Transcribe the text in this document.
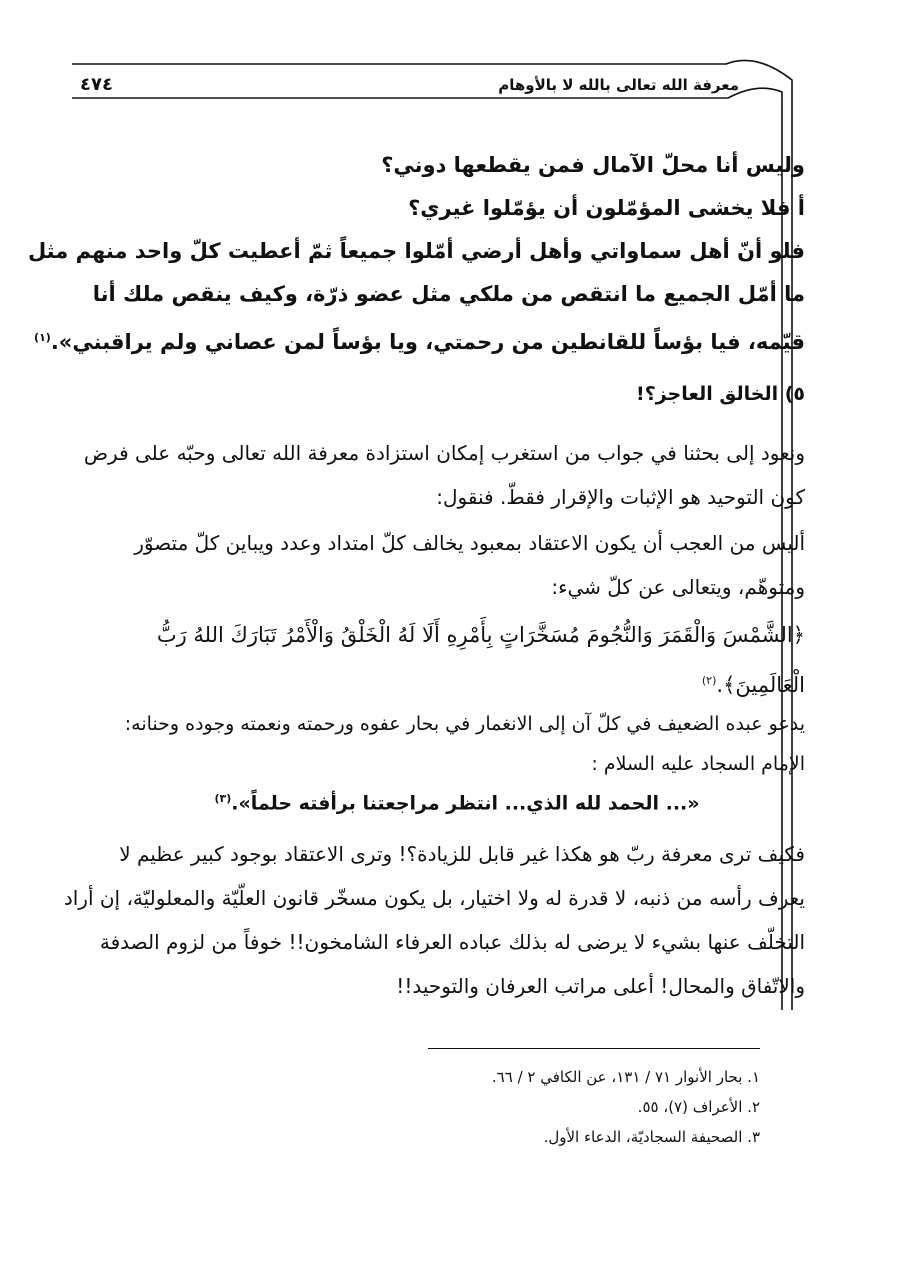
معرفة الله تعالى بالله لا بالأوهام
٤٧٤
وليس أنا محلّ الآمال فمن يقطعها دوني؟
أ فلا يخشى المؤمّلون أن يؤمّلوا غيري؟
فلو أنّ أهل سماواتي وأهل أرضي أمّلوا جميعاً ثمّ أعطيت كلّ واحد منهم مثل
ما أمّل الجميع ما انتقص من ملكي مثل عضو ذرّة، وكيف ينقص ملك أنا
قيّمه، فيا بؤساً للقانطين من رحمتي، ويا بؤساً لمن عصاني ولم يراقبني».$^{(١)}$
٥) الخالق العاجز؟!
ونعود إلى بحثنا في جواب من استغرب إمكان استزادة معرفة الله تعالى وحبّه على فرض
كون التوحيد هو الإثبات والإقرار فقطّ. فنقول:
أليس من العجب أن يكون الاعتقاد بمعبود يخالف كلّ امتداد وعدد ويباين كلّ متصوّر
ومتوهّم، ويتعالى عن كلّ شيء:
﴿الشَّمْسَ وَالْقَمَرَ وَالنُّجُومَ مُسَخَّرَاتٍ بِأَمْرِهِ أَلَا لَهُ الْخَلْقُ وَالْأَمْرُ تَبَارَكَ اللهُ رَبُّ
الْعَالَمِينَ﴾.$^{(٢)}$
يدعو عبده الضعيف في كلّ آن إلى الانغمار في بحار عفوه ورحمته ونعمته وجوده وحنانه:
الإمام السجاد عليه السلام :
«... الحمد لله الذي... انتظر مراجعتنا برأفته حلماً».$^{(٣)}$
فكيف ترى معرفة ربّ هو هكذا غير قابل للزيادة؟! وترى الاعتقاد بوجود كبير عظيم لا
يعرف رأسه من ذنبه، لا قدرة له ولا اختيار، بل يكون مسخّر قانون العلّيّة والمعلوليّة، إن أراد
التخلّف عنها بشيء لا يرضى له بذلك عباده العرفاء الشامخون!! خوفاً من لزوم الصدفة
والاتّفاق والمحال! أعلى مراتب العرفان والتوحيد!!
١. بحار الأنوار ٧١ / ١٣١، عن الكافي ٢ / ٦٦.
٢. الأعراف (٧)، ٥٥.
٣. الصحيفة السجاديّة، الدعاء الأول.
